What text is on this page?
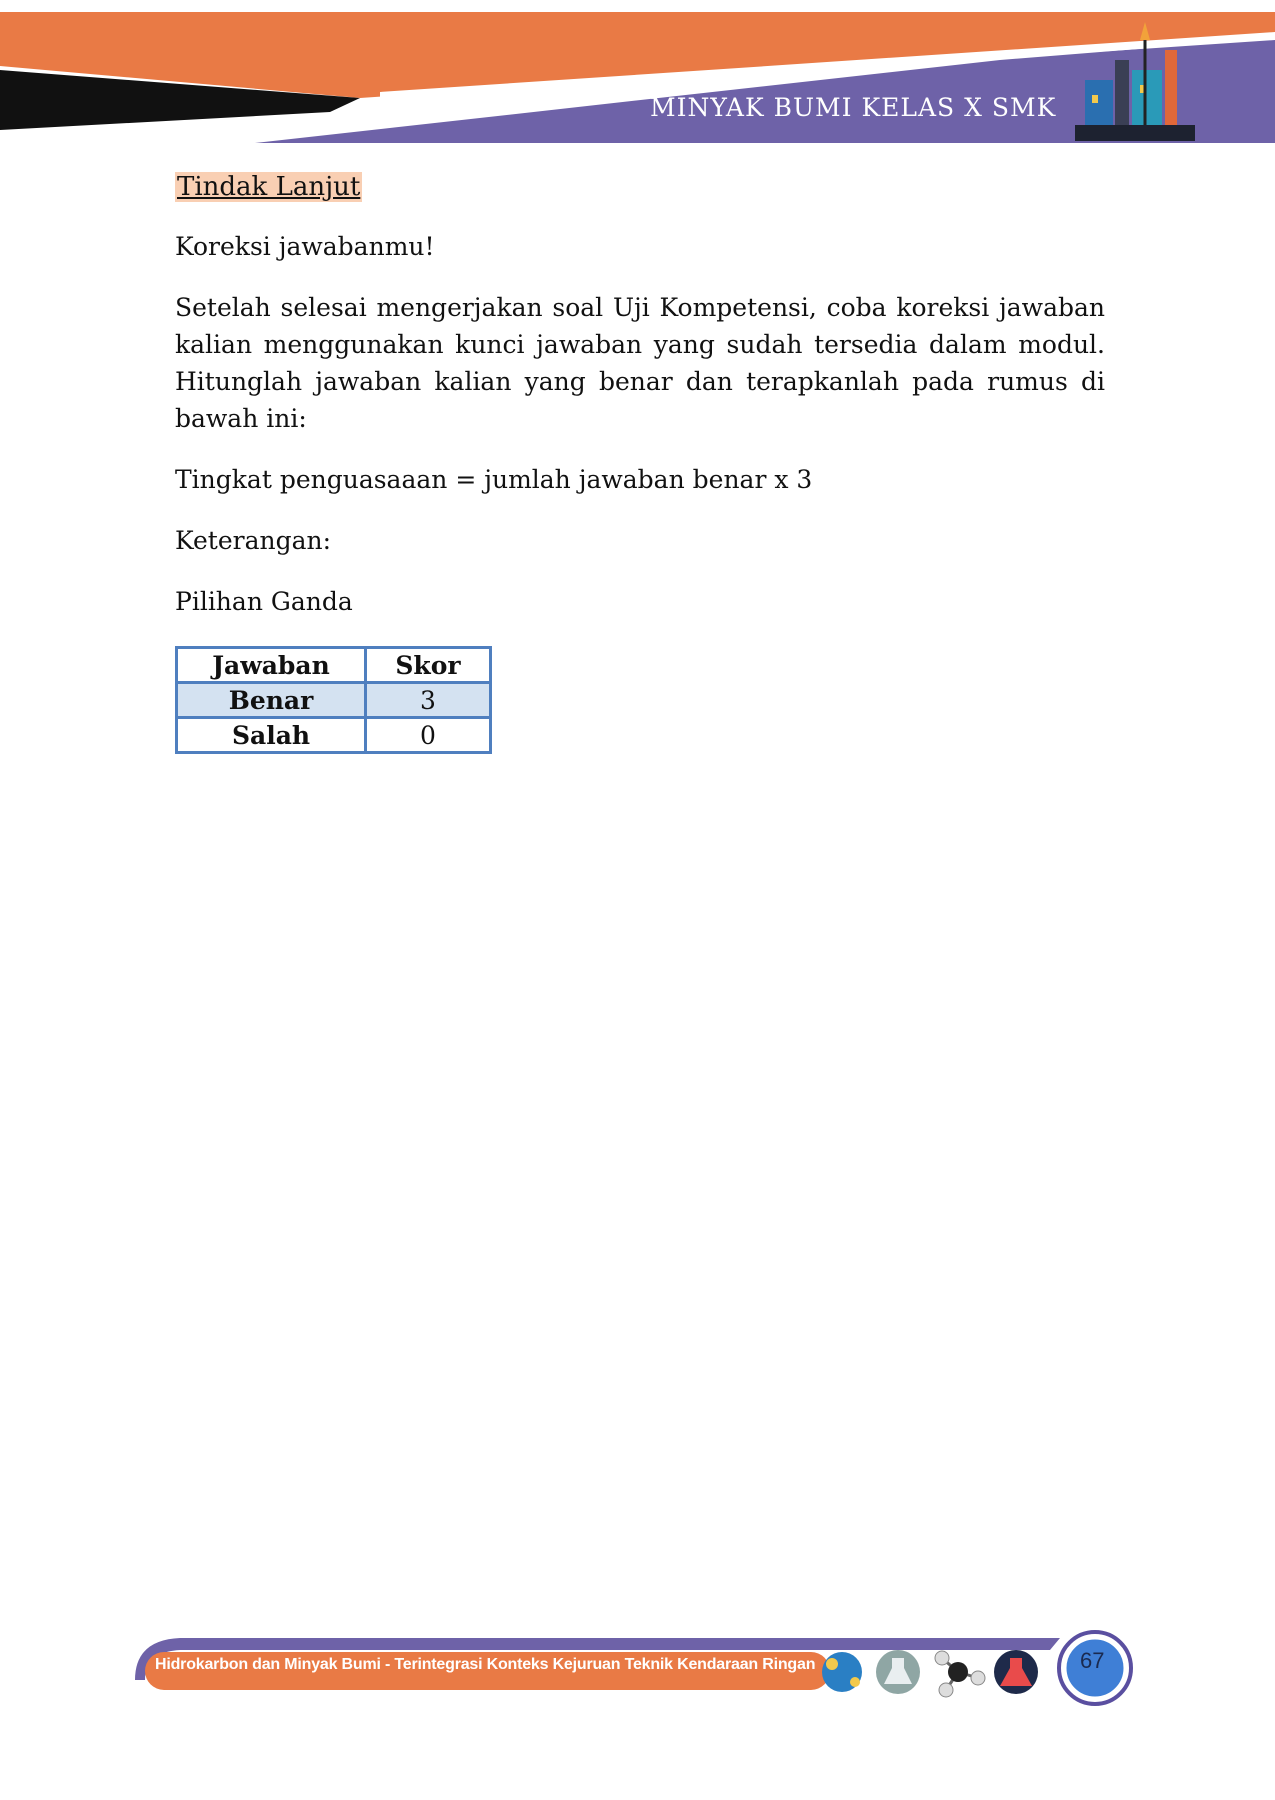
MINYAK BUMI KELAS X SMK
Tindak Lanjut

Koreksi jawabanmu!

Setelah selesai mengerjakan soal Uji Kompetensi, coba koreksi jawaban kalian menggunakan kunci jawaban yang sudah tersedia dalam modul. Hitunglah jawaban kalian yang benar dan terapkanlah pada rumus di bawah ini:

Tingkat penguasaaan = jumlah jawaban benar x 3

Keterangan:

Pilihan Ganda

Jawaban	Skor
Benar	3
Salah	0
Hidrokarbon dan Minyak Bumi - Terintegrasi Konteks Kejuruan Teknik Kendaraan Ringan	67
